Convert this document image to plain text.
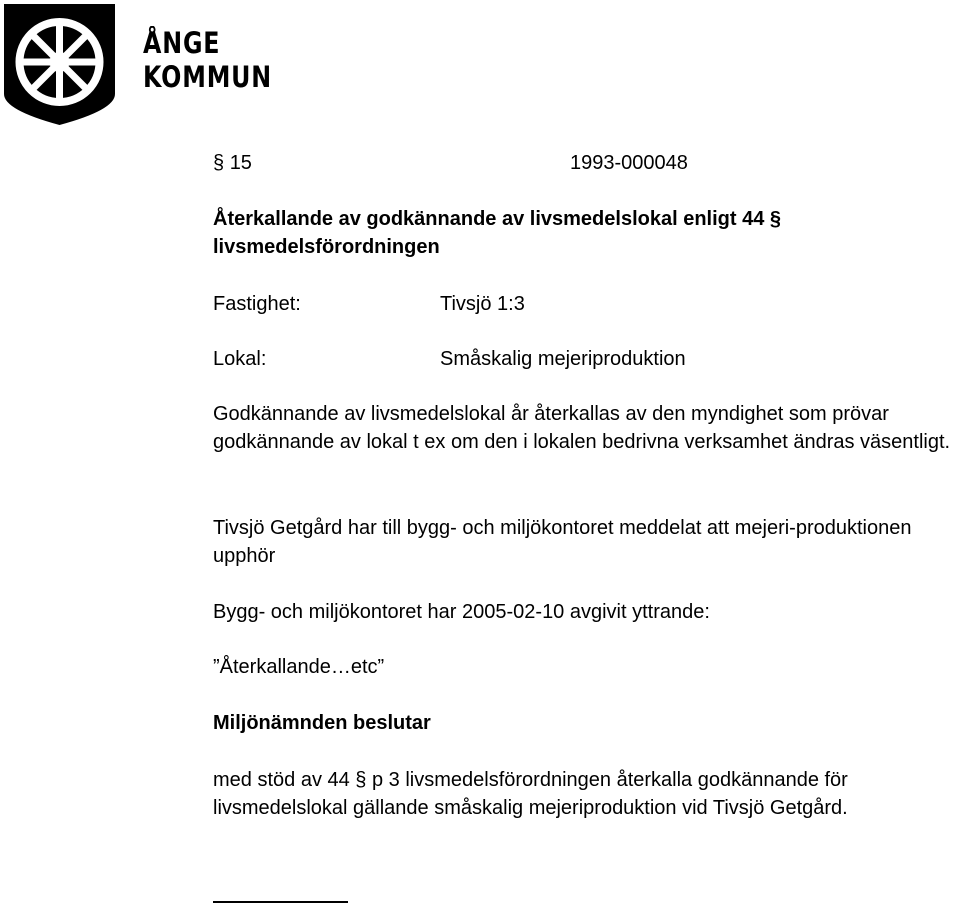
ÅNGE
KOMMUN
§ 15	1993-000048
Återkallande av godkännande av livsmedelslokal enligt 44 §
livsmedelsförordningen
Fastighet:	Tivsjö 1:3
Lokal:	Småskalig mejeriproduktion
Godkännande av livsmedelslokal år återkallas av den myndighet som prövar godkännande av lokal t ex om den i lokalen bedrivna verksamhet ändras väsentligt.
Tivsjö Getgård har till bygg- och miljökontoret meddelat att mejeri-produktionen upphör
Bygg- och miljökontoret har 2005-02-10 avgivit yttrande:
”Återkallande…etc”
Miljönämnden beslutar
med stöd av 44 § p 3 livsmedelsförordningen återkalla godkännande för livsmedelslokal gällande småskalig mejeriproduktion vid Tivsjö Getgård.
